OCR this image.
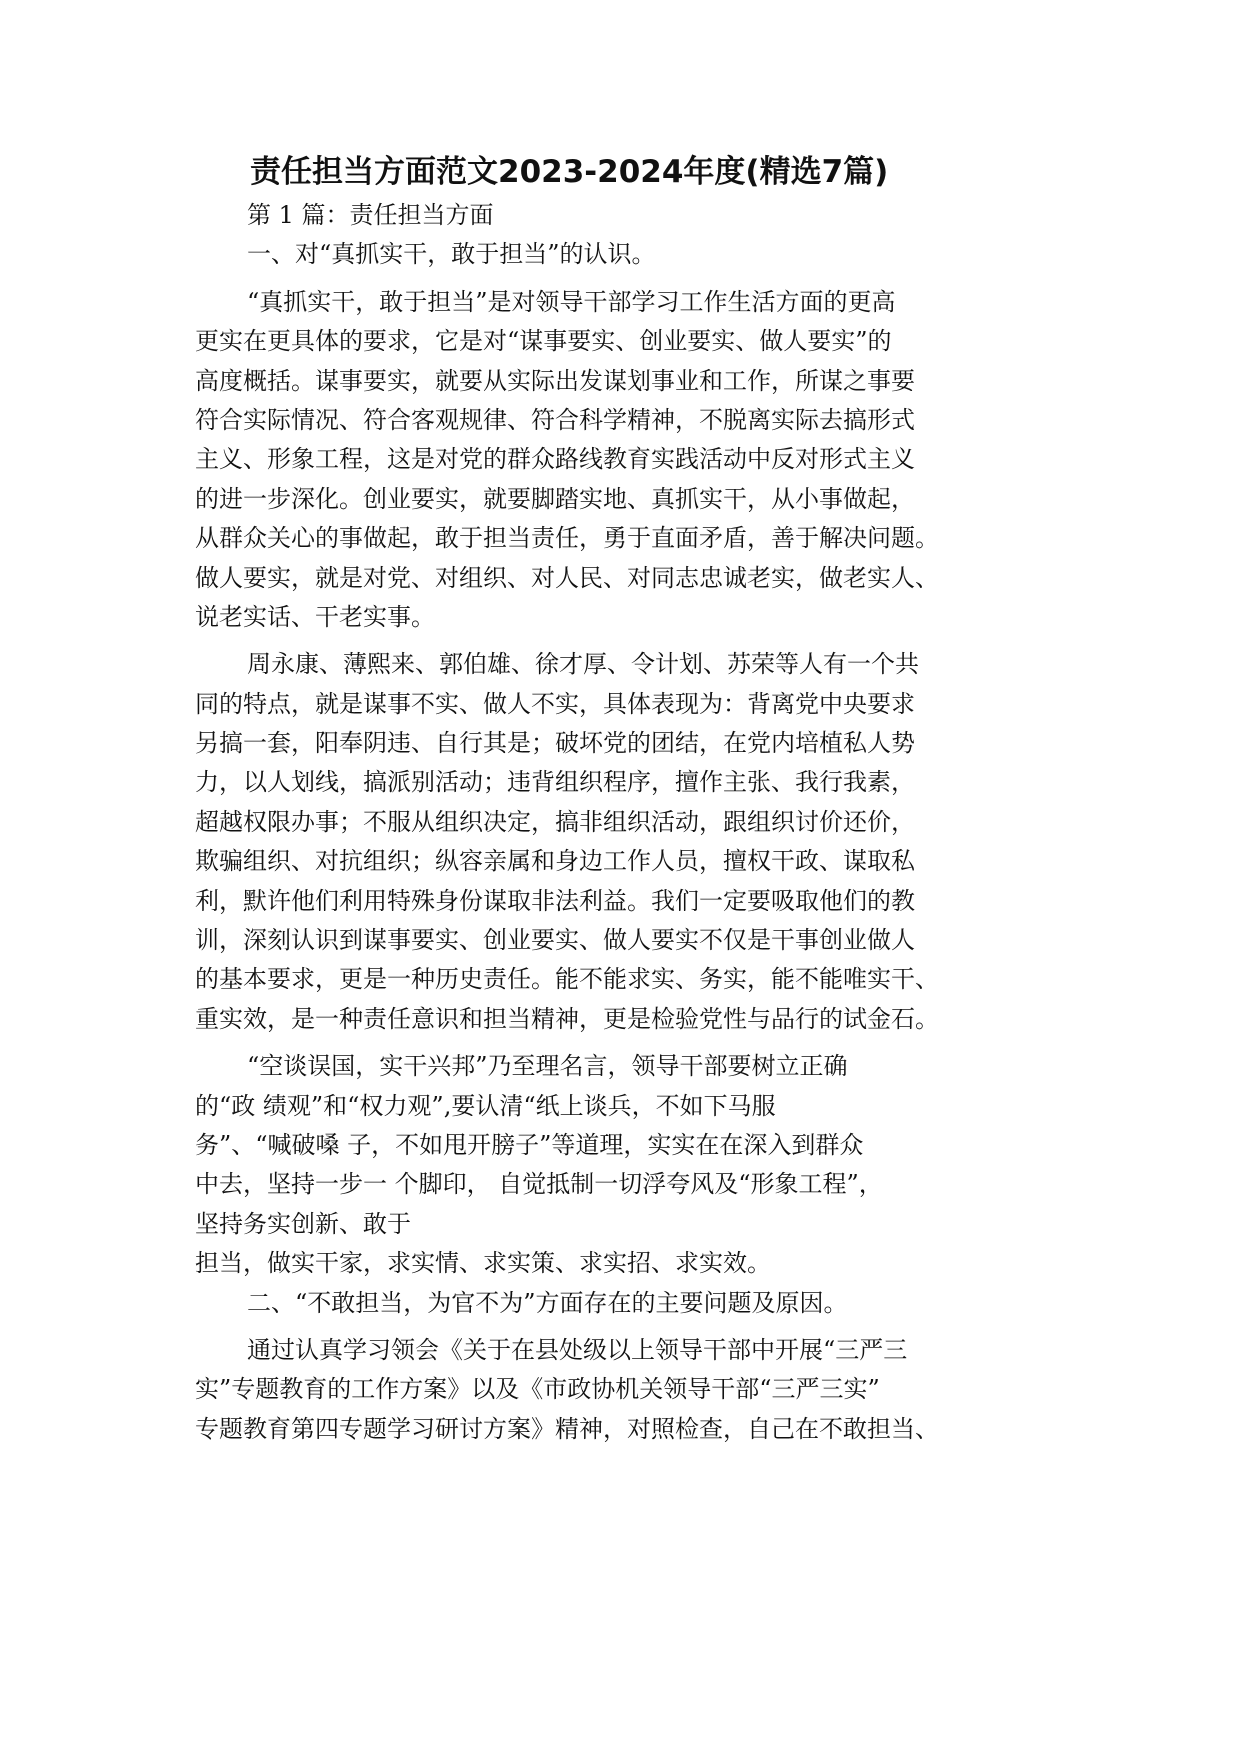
责任担当方面范文2023-2024年度(精选7篇)
第 1 篇：责任担当方面
一、对“真抓实干，敢于担当”的认识。
“真抓实干，敢于担当”是对领导干部学习工作生活方面的更高
更实在更具体的要求，它是对“谋事要实、创业要实、做人要实”的
高度概括。谋事要实，就要从实际出发谋划事业和工作，所谋之事要
符合实际情况、符合客观规律、符合科学精神，不脱离实际去搞形式
主义、形象工程，这是对党的群众路线教育实践活动中反对形式主义
的进一步深化。创业要实，就要脚踏实地、真抓实干，从小事做起，
从群众关心的事做起，敢于担当责任，勇于直面矛盾，善于解决问题。
做人要实，就是对党、对组织、对人民、对同志忠诚老实，做老实人、
说老实话、干老实事。
周永康、薄熙来、郭伯雄、徐才厚、令计划、苏荣等人有一个共
同的特点，就是谋事不实、做人不实，具体表现为：背离党中央要求
另搞一套，阳奉阴违、自行其是；破坏党的团结，在党内培植私人势
力，以人划线，搞派别活动；违背组织程序，擅作主张、我行我素，
超越权限办事；不服从组织决定，搞非组织活动，跟组织讨价还价，
欺骗组织、对抗组织；纵容亲属和身边工作人员，擅权干政、谋取私
利，默许他们利用特殊身份谋取非法利益。我们一定要吸取他们的教
训，深刻认识到谋事要实、创业要实、做人要实不仅是干事创业做人
的基本要求，更是一种历史责任。能不能求实、务实，能不能唯实干、
重实效，是一种责任意识和担当精神，更是检验党性与品行的试金石。
“空谈误国，实干兴邦”乃至理名言，领导干部要树立正确
的“政 绩观”和“权力观”,要认清“纸上谈兵，不如下马服
务”、“喊破嗓 子，不如甩开膀子”等道理，实实在在深入到群众
中去，坚持一步一 个脚印， 自觉抵制一切浮夸风及“形象工程”，
坚持务实创新、敢于
担当，做实干家，求实情、求实策、求实招、求实效。
二、“不敢担当，为官不为”方面存在的主要问题及原因。
通过认真学习领会《关于在县处级以上领导干部中开展“三严三
实”专题教育的工作方案》以及《市政协机关领导干部“三严三实”
专题教育第四专题学习研讨方案》精神，对照检查，自己在不敢担当、
